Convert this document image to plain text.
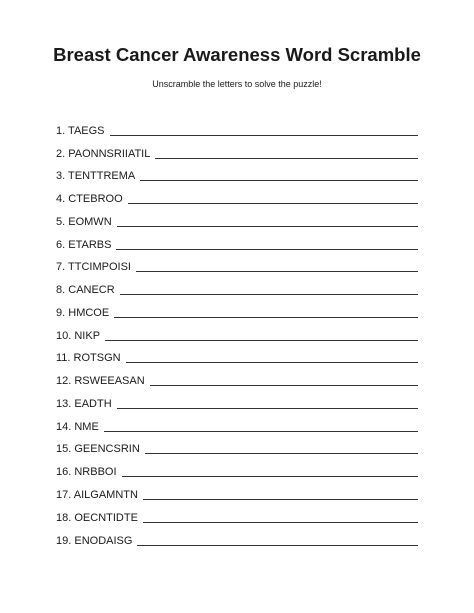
Breast Cancer Awareness Word Scramble

Unscramble the letters to solve the puzzle!

1. TAEGS
2. PAONNSRIIATIL
3. TENTTREMA
4. CTEBROO
5. EOMWN
6. ETARBS
7. TTCIMPOISI
8. CANECR
9. HMCOE
10. NIKP
11. ROTSGN
12. RSWEEASAN
13. EADTH
14. NME
15. GEENCSRIN
16. NRBBOI
17. AILGAMNTN
18. OECNTIDTE
19. ENODAISG
